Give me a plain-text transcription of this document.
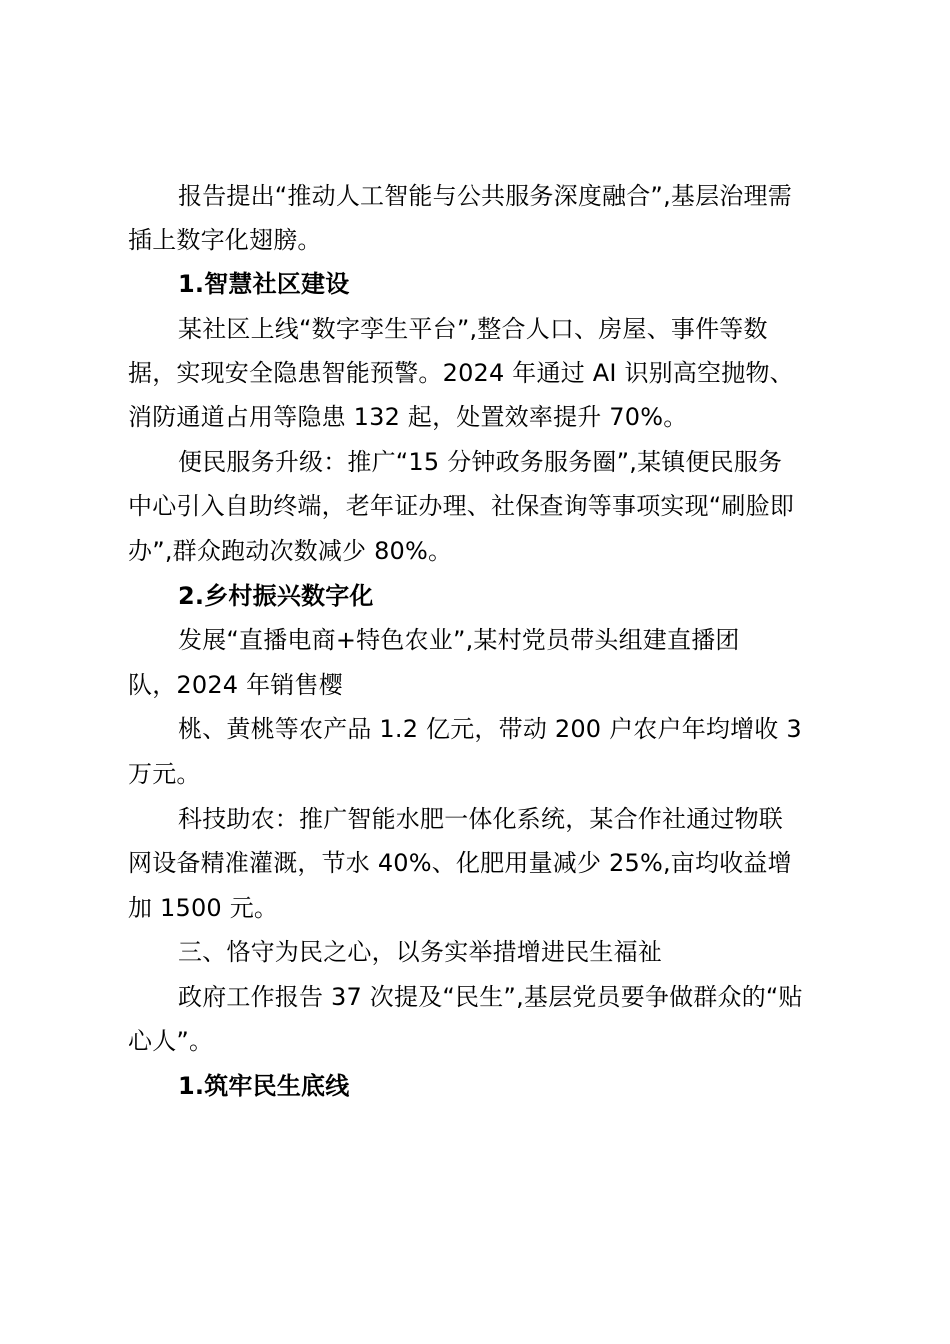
报告提出“推动人工智能与公共服务深度融合”,基层治理需
插上数字化翅膀。
1.智慧社区建设
某社区上线“数字孪生平台”,整合人口、房屋、事件等数
据，实现安全隐患智能预警。2024 年通过 AI 识别高空抛物、
消防通道占用等隐患 132 起，处置效率提升 70%。
便民服务升级：推广“15 分钟政务服务圈”,某镇便民服务
中心引入自助终端，老年证办理、社保查询等事项实现“刷脸即
办”,群众跑动次数减少 80%。
2.乡村振兴数字化
发展“直播电商+特色农业”,某村党员带头组建直播团
队，2024 年销售樱
桃、黄桃等农产品 1.2 亿元，带动 200 户农户年均增收 3
万元。
科技助农：推广智能水肥一体化系统，某合作社通过物联
网设备精准灌溉，节水 40%、化肥用量减少 25%,亩均收益增
加 1500 元。
三、恪守为民之心，以务实举措增进民生福祉
政府工作报告 37 次提及“民生”,基层党员要争做群众的“贴
心人”。
1.筑牢民生底线
